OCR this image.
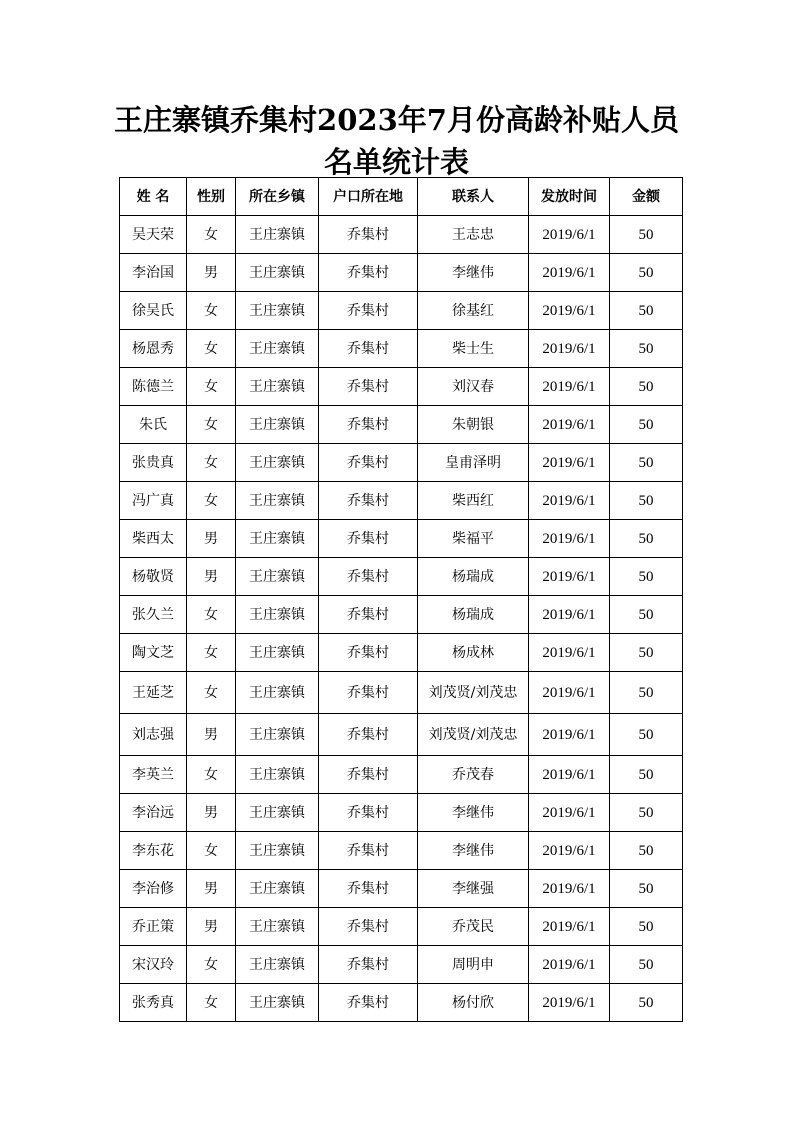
王庄寨镇乔集村2023年7月份高龄补贴人员
名单统计表
姓 名	性别	所在乡镇	户口所在地	联系人	发放时间	金额
吴天荣	女	王庄寨镇	乔集村	王志忠	2019/6/1	50
李治国	男	王庄寨镇	乔集村	李继伟	2019/6/1	50
徐吴氏	女	王庄寨镇	乔集村	徐基红	2019/6/1	50
杨恩秀	女	王庄寨镇	乔集村	柴士生	2019/6/1	50
陈德兰	女	王庄寨镇	乔集村	刘汉春	2019/6/1	50
朱氏	女	王庄寨镇	乔集村	朱朝银	2019/6/1	50
张贵真	女	王庄寨镇	乔集村	皇甫泽明	2019/6/1	50
冯广真	女	王庄寨镇	乔集村	柴西红	2019/6/1	50
柴西太	男	王庄寨镇	乔集村	柴福平	2019/6/1	50
杨敬贤	男	王庄寨镇	乔集村	杨瑞成	2019/6/1	50
张久兰	女	王庄寨镇	乔集村	杨瑞成	2019/6/1	50
陶文芝	女	王庄寨镇	乔集村	杨成林	2019/6/1	50
王延芝	女	王庄寨镇	乔集村	刘茂贤/刘茂忠	2019/6/1	50
刘志强	男	王庄寨镇	乔集村	刘茂贤/刘茂忠	2019/6/1	50
李英兰	女	王庄寨镇	乔集村	乔茂春	2019/6/1	50
李治远	男	王庄寨镇	乔集村	李继伟	2019/6/1	50
李东花	女	王庄寨镇	乔集村	李继伟	2019/6/1	50
李治修	男	王庄寨镇	乔集村	李继强	2019/6/1	50
乔正策	男	王庄寨镇	乔集村	乔茂民	2019/6/1	50
宋汉玲	女	王庄寨镇	乔集村	周明申	2019/6/1	50
张秀真	女	王庄寨镇	乔集村	杨付欣	2019/6/1	50
